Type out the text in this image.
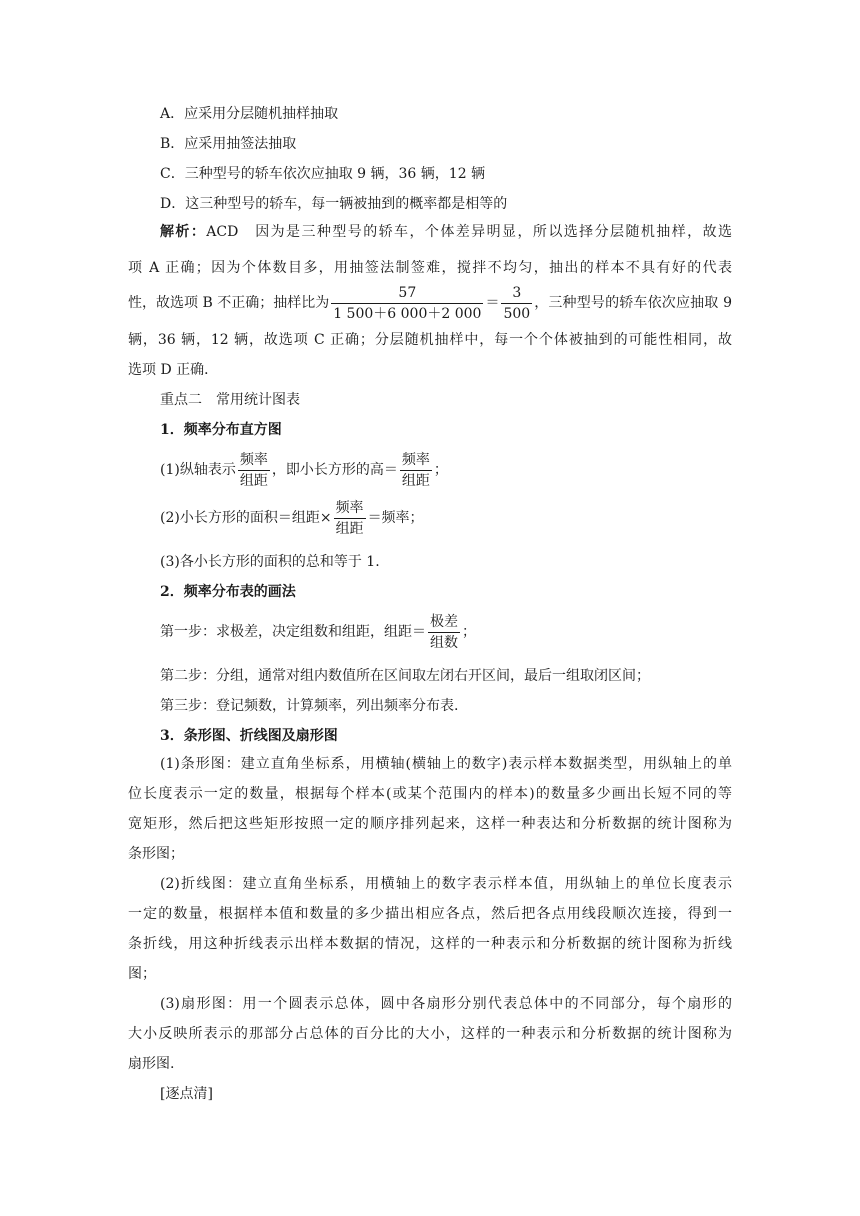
A．应采用分层随机抽样抽取
B．应采用抽签法抽取
C．三种型号的轿车依次应抽取 9 辆，36 辆，12 辆
D．这三种型号的轿车，每一辆被抽到的概率都是相等的
解析：ACD　因为是三种型号的轿车，个体差异明显，所以选择分层随机抽样，故选
项 A 正确；因为个体数目多，用抽签法制签难，搅拌不均匀，抽出的样本不具有好的代表
性，故选项 B 不正确；抽样比为 $\frac{57}{1 500+6 000+2 000} = \frac{3}{500}$ ，三种型号的轿车依次应抽取 9
辆，36 辆，12 辆，故选项 C 正确；分层随机抽样中，每一个个体被抽到的可能性相同，故
选项 D 正确．
重点二　常用统计图表
1．频率分布直方图
(1)纵轴表示 $\frac{\text{频率}}{\text{组距}}$ ，即小长方形的高＝ $\frac{\text{频率}}{\text{组距}}$ ；
(2)小长方形的面积＝组距× $\frac{\text{频率}}{\text{组距}}$ ＝频率；
(3)各小长方形的面积的总和等于 1.
2．频率分布表的画法
第一步：求极差，决定组数和组距，组距＝ $\frac{\text{极差}}{\text{组数}}$ ；
第二步：分组，通常对组内数值所在区间取左闭右开区间，最后一组取闭区间；
第三步：登记频数，计算频率，列出频率分布表.
3．条形图、折线图及扇形图
(1)条形图：建立直角坐标系，用横轴(横轴上的数字)表示样本数据类型，用纵轴上的单
位长度表示一定的数量，根据每个样本(或某个范围内的样本)的数量多少画出长短不同的等
宽矩形，然后把这些矩形按照一定的顺序排列起来，这样一种表达和分析数据的统计图称为
条形图；
(2)折线图：建立直角坐标系，用横轴上的数字表示样本值，用纵轴上的单位长度表示
一定的数量，根据样本值和数量的多少描出相应各点，然后把各点用线段顺次连接，得到一
条折线，用这种折线表示出样本数据的情况，这样的一种表示和分析数据的统计图称为折线
图；
(3)扇形图：用一个圆表示总体，圆中各扇形分别代表总体中的不同部分，每个扇形的
大小反映所表示的那部分占总体的百分比的大小，这样的一种表示和分析数据的统计图称为
扇形图.
[逐点清]
